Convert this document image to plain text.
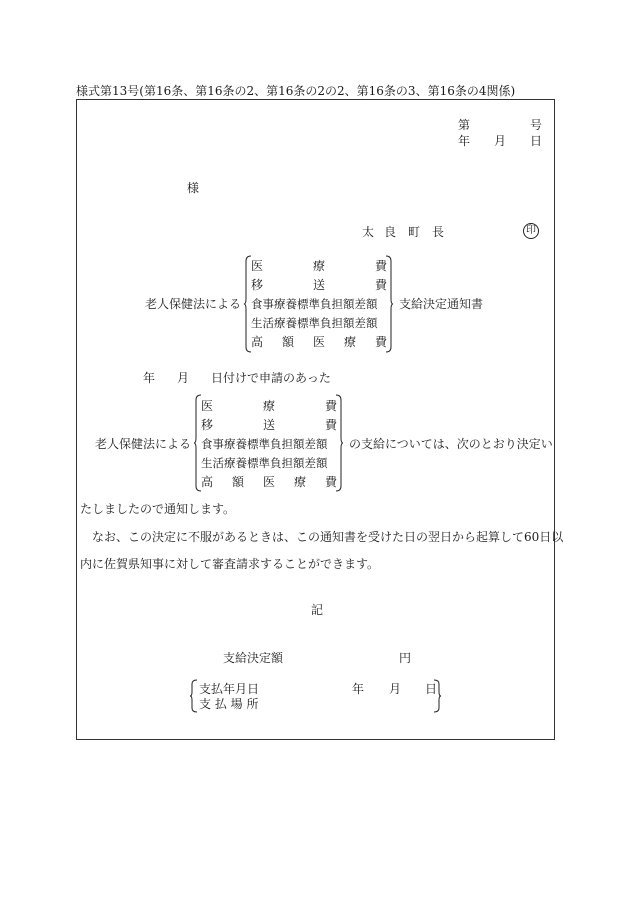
様式第13号(第16条、第16条の2、第16条の2の2、第16条の3、第16条の4関係)
第	号
年 月 日
様
太 良 町 長	印
老人保健法による
医	療	費
移	送	費
食事療養標準負担額差額
生活療養標準負担額差額
高 額 医 療 費
支給決定通知書
年 月 日付けで申請のあった
老人保健法による
医	療	費
移	送	費
食事療養標準負担額差額
生活療養標準負担額差額
高 額 医 療 費
の支給については、次のとおり決定い
たしましたので通知します。
なお、この決定に不服があるときは、この通知書を受けた日の翌日から起算して60日以
内に佐賀県知事に対して審査請求することができます。
記
支給決定額	円
支払年月日	年 月 日
支 払 場 所
